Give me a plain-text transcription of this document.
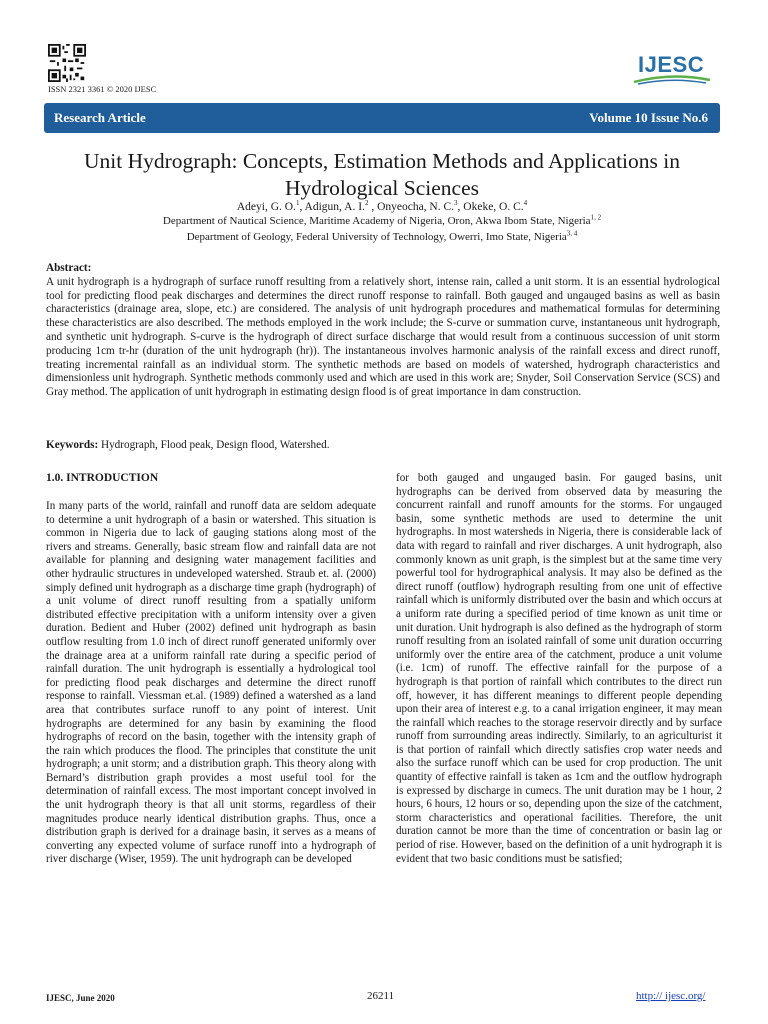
ISSN 2321 3361 © 2020 IJESC
IJESC
Research Article	Volume 10 Issue No.6
Unit Hydrograph: Concepts, Estimation Methods and Applications in
Hydrological Sciences
Adeyi, G. O.$^1$, Adigun, A. I.$^2$ , Onyeocha, N. C.$^3$, Okeke, O. C.$^4$
Department of Nautical Science, Maritime Academy of Nigeria, Oron, Akwa Ibom State, Nigeria$^{1, 2}$
Department of Geology, Federal University of Technology, Owerri, Imo State, Nigeria$^{3, 4}$
Abstract:
A unit hydrograph is a hydrograph of surface runoff resulting from a relatively short, intense rain, called a unit storm. It is an essential hydrological tool for predicting flood peak discharges and determines the direct runoff response to rainfall. Both gauged and ungauged basins as well as basin characteristics (drainage area, slope, etc.) are considered. The analysis of unit hydrograph procedures and mathematical formulas for determining these characteristics are also described. The methods employed in the work include; the S-curve or summation curve, instantaneous unit hydrograph, and synthetic unit hydrograph. S-curve is the hydrograph of direct surface discharge that would result from a continuous succession of unit storm producing 1cm tr-hr (duration of the unit hydrograph (hr)). The instantaneous involves harmonic analysis of the rainfall excess and direct runoff, treating incremental rainfall as an individual storm. The synthetic methods are based on models of watershed, hydrograph characteristics and dimensionless unit hydrograph. Synthetic methods commonly used and which are used in this work are; Snyder, Soil Conservation Service (SCS) and Gray method. The application of unit hydrograph in estimating design flood is of great importance in dam construction.
Keywords: Hydrograph, Flood peak, Design flood, Watershed.
1.0. INTRODUCTION
In many parts of the world, rainfall and runoff data are seldom adequate to determine a unit hydrograph of a basin or watershed. This situation is common in Nigeria due to lack of gauging stations along most of the rivers and streams. Generally, basic stream flow and rainfall data are not available for planning and designing water management facilities and other hydraulic structures in undeveloped watershed. Straub et. al. (2000) simply defined unit hydrograph as a discharge time graph (hydrograph) of a unit volume of direct runoff resulting from a spatially uniform distributed effective precipitation with a uniform intensity over a given duration. Bedient and Huber (2002) defined unit hydrograph as basin outflow resulting from 1.0 inch of direct runoff generated uniformly over the drainage area at a uniform rainfall rate during a specific period of rainfall duration. The unit hydrograph is essentially a hydrological tool for predicting flood peak discharges and determine the direct runoff response to rainfall. Viessman et.al. (1989) defined a watershed as a land area that contributes surface runoff to any point of interest. Unit hydrographs are determined for any basin by examining the flood hydrographs of record on the basin, together with the intensity graph of the rain which produces the flood. The principles that constitute the unit hydrograph; a unit storm; and a distribution graph. This theory along with Bernard’s distribution graph provides a most useful tool for the determination of rainfall excess. The most important concept involved in the unit hydrograph theory is that all unit storms, regardless of their magnitudes produce nearly identical distribution graphs. Thus, once a distribution graph is derived for a drainage basin, it serves as a means of converting any expected volume of surface runoff into a hydrograph of river discharge (Wiser, 1959). The unit hydrograph can be developed
for both gauged and ungauged basin. For gauged basins, unit hydrographs can be derived from observed data by measuring the concurrent rainfall and runoff amounts for the storms. For ungauged basin, some synthetic methods are used to determine the unit hydrographs. In most watersheds in Nigeria, there is considerable lack of data with regard to rainfall and river discharges. A unit hydrograph, also commonly known as unit graph, is the simplest but at the same time very powerful tool for hydrographical analysis. It may also be defined as the direct runoff (outflow) hydrograph resulting from one unit of effective rainfall which is uniformly distributed over the basin and which occurs at a uniform rate during a specified period of time known as unit time or unit duration. Unit hydrograph is also defined as the hydrograph of storm runoff resulting from an isolated rainfall of some unit duration occurring uniformly over the entire area of the catchment, produce a unit volume (i.e. 1cm) of runoff. The effective rainfall for the purpose of a hydrograph is that portion of rainfall which contributes to the direct run off, however, it has different meanings to different people depending upon their area of interest e.g. to a canal irrigation engineer, it may mean the rainfall which reaches to the storage reservoir directly and by surface runoff from surrounding areas indirectly. Similarly, to an agriculturist it is that portion of rainfall which directly satisfies crop water needs and also the surface runoff which can be used for crop production. The unit quantity of effective rainfall is taken as 1cm and the outflow hydrograph is expressed by discharge in cumecs. The unit duration may be 1 hour, 2 hours, 6 hours, 12 hours or so, depending upon the size of the catchment, storm characteristics and operational facilities. Therefore, the unit duration cannot be more than the time of concentration or basin lag or period of rise. However, based on the definition of a unit hydrograph it is evident that two basic conditions must be satisfied;
IJESC, June 2020	26211	http:// ijesc.org/
